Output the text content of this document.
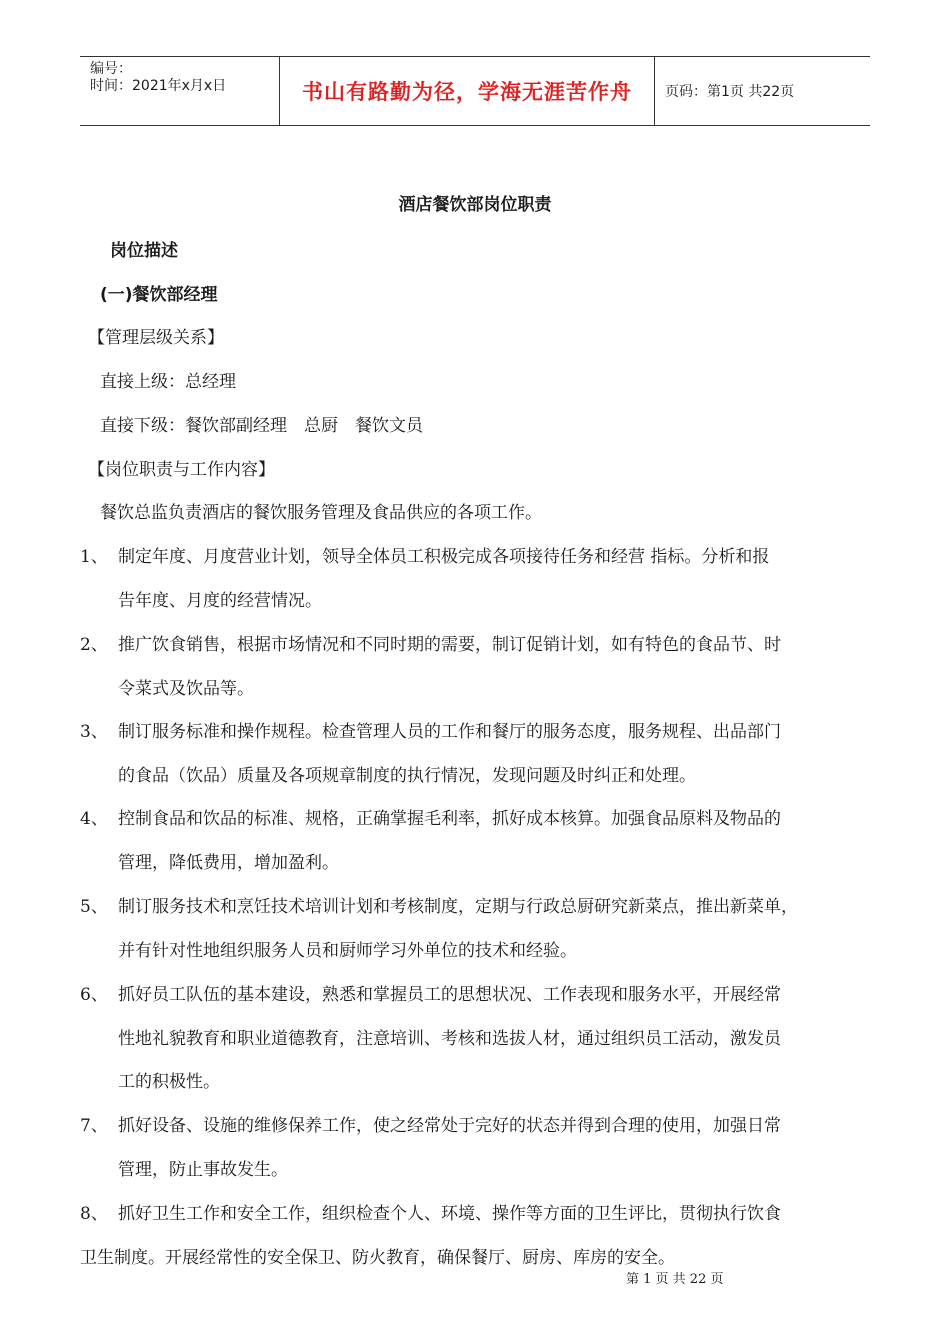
编号：
时间：2021年x月x日	书山有路勤为径，学海无涯苦作舟	页码：第1页 共22页
酒店餐饮部岗位职责
岗位描述
(一)餐饮部经理
【管理层级关系】
直接上级：总经理
直接下级：餐饮部副经理　总厨　餐饮文员
【岗位职责与工作内容】
餐饮总监负责酒店的餐饮服务管理及食品供应的各项工作。
1、 制定年度、月度营业计划，领导全体员工积极完成各项接待任务和经营 指标。分析和报
告年度、月度的经营情况。
2、 推广饮食销售，根据市场情况和不同时期的需要，制订促销计划，如有特色的食品节、时
令菜式及饮品等。
3、 制订服务标准和操作规程。检查管理人员的工作和餐厅的服务态度，服务规程、出品部门
的食品（饮品）质量及各项规章制度的执行情况，发现问题及时纠正和处理。
4、 控制食品和饮品的标准、规格，正确掌握毛利率，抓好成本核算。加强食品原料及物品的
管理，降低费用，增加盈利。
5、 制订服务技术和烹饪技术培训计划和考核制度，定期与行政总厨研究新菜点，推出新菜单，
并有针对性地组织服务人员和厨师学习外单位的技术和经验。
6、 抓好员工队伍的基本建设，熟悉和掌握员工的思想状况、工作表现和服务水平，开展经常
性地礼貌教育和职业道德教育，注意培训、考核和选拔人材，通过组织员工活动，激发员
工的积极性。
7、 抓好设备、设施的维修保养工作，使之经常处于完好的状态并得到合理的使用，加强日常
管理，防止事故发生。
8、 抓好卫生工作和安全工作，组织检查个人、环境、操作等方面的卫生评比，贯彻执行饮食
卫生制度。开展经常性的安全保卫、防火教育，确保餐厅、厨房、库房的安全。
第 1 页 共 22 页
